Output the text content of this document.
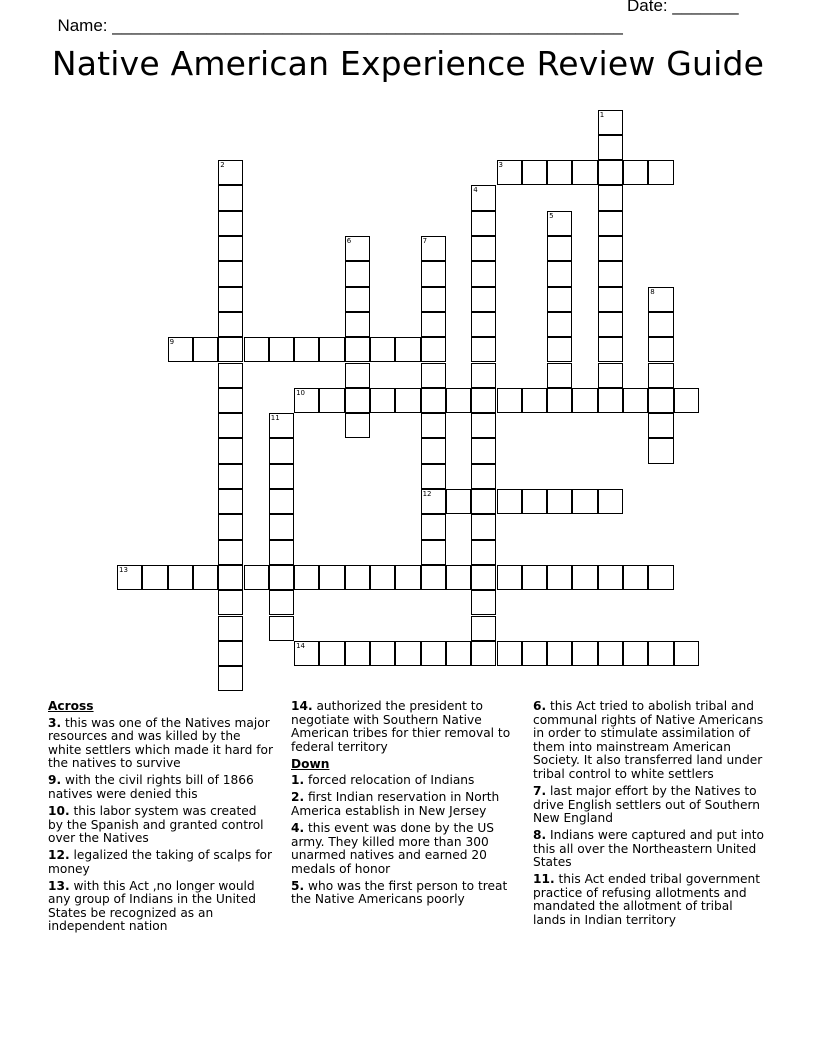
Name: ______________________________________________________

Date: _______

Native American Experience Review Guide
1
2	3
4
5
6	7
12
8
9
10
11
13
14
Across
3. this was one of the Natives major resources and was killed by the white settlers which made it hard for the natives to survive
9. with the civil rights bill of 1866 natives were denied this
10. this labor system was created by the Spanish and granted control over the Natives
12. legalized the taking of scalps for money
13. with this Act ,no longer would any group of Indians in the United States be recognized as an independent nation
14. authorized the president to negotiate with Southern Native American tribes for thier removal to federal territory
Down
1. forced relocation of Indians
2. first Indian reservation in North America establish in New Jersey
4. this event was done by the US army. They killed more than 300 unarmed natives and earned 20 medals of honor
5. who was the first person to treat the Native Americans poorly
6. this Act tried to abolish tribal and communal rights of Native Americans in order to stimulate assimilation of them into mainstream American Society. It also transferred land under tribal control to white settlers
7. last major effort by the Natives to drive English settlers out of Southern New England
8. Indians were captured and put into this all over the Northeastern United States
11. this Act ended tribal government practice of refusing allotments and mandated the allotment of tribal lands in Indian territory
